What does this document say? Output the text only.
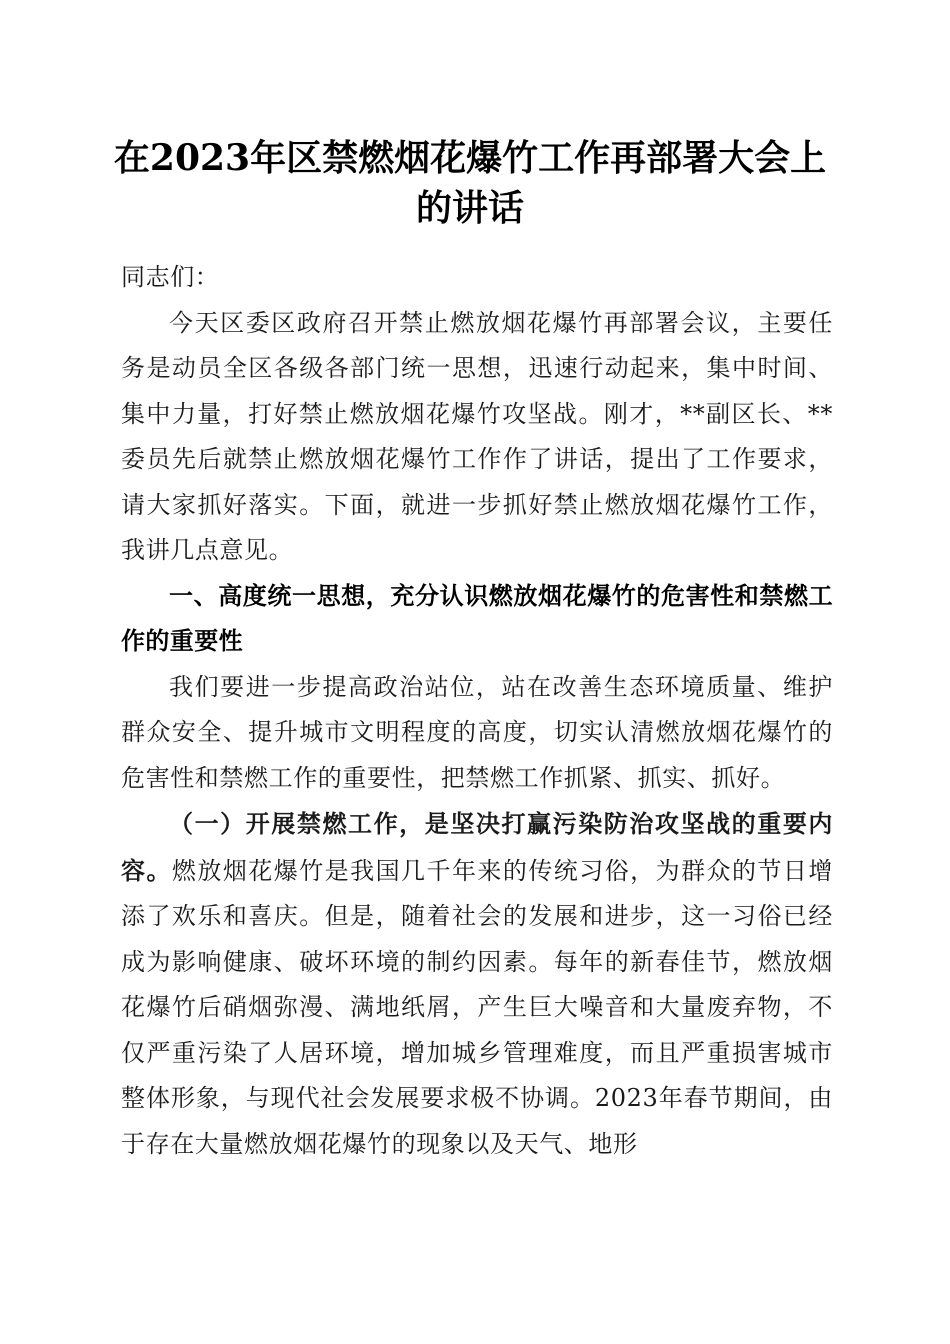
在2023年区禁燃烟花爆竹工作再部署大会上的讲话

同志们：

今天区委区政府召开禁止燃放烟花爆竹再部署会议，主要任务是动员全区各级各部门统一思想，迅速行动起来，集中时间、集中力量，打好禁止燃放烟花爆竹攻坚战。刚才，**副区长、**委员先后就禁止燃放烟花爆竹工作作了讲话，提出了工作要求，请大家抓好落实。下面，就进一步抓好禁止燃放烟花爆竹工作，我讲几点意见。

一、高度统一思想，充分认识燃放烟花爆竹的危害性和禁燃工作的重要性

我们要进一步提高政治站位，站在改善生态环境质量、维护群众安全、提升城市文明程度的高度，切实认清燃放烟花爆竹的危害性和禁燃工作的重要性，把禁燃工作抓紧、抓实、抓好。

（一）开展禁燃工作，是坚决打赢污染防治攻坚战的重要内容。燃放烟花爆竹是我国几千年来的传统习俗，为群众的节日增添了欢乐和喜庆。但是，随着社会的发展和进步，这一习俗已经成为影响健康、破坏环境的制约因素。每年的新春佳节，燃放烟花爆竹后硝烟弥漫、满地纸屑，产生巨大噪音和大量废弃物，不仅严重污染了人居环境，增加城乡管理难度，而且严重损害城市整体形象，与现代社会发展要求极不协调。2023年春节期间，由于存在大量燃放烟花爆竹的现象以及天气、地形
